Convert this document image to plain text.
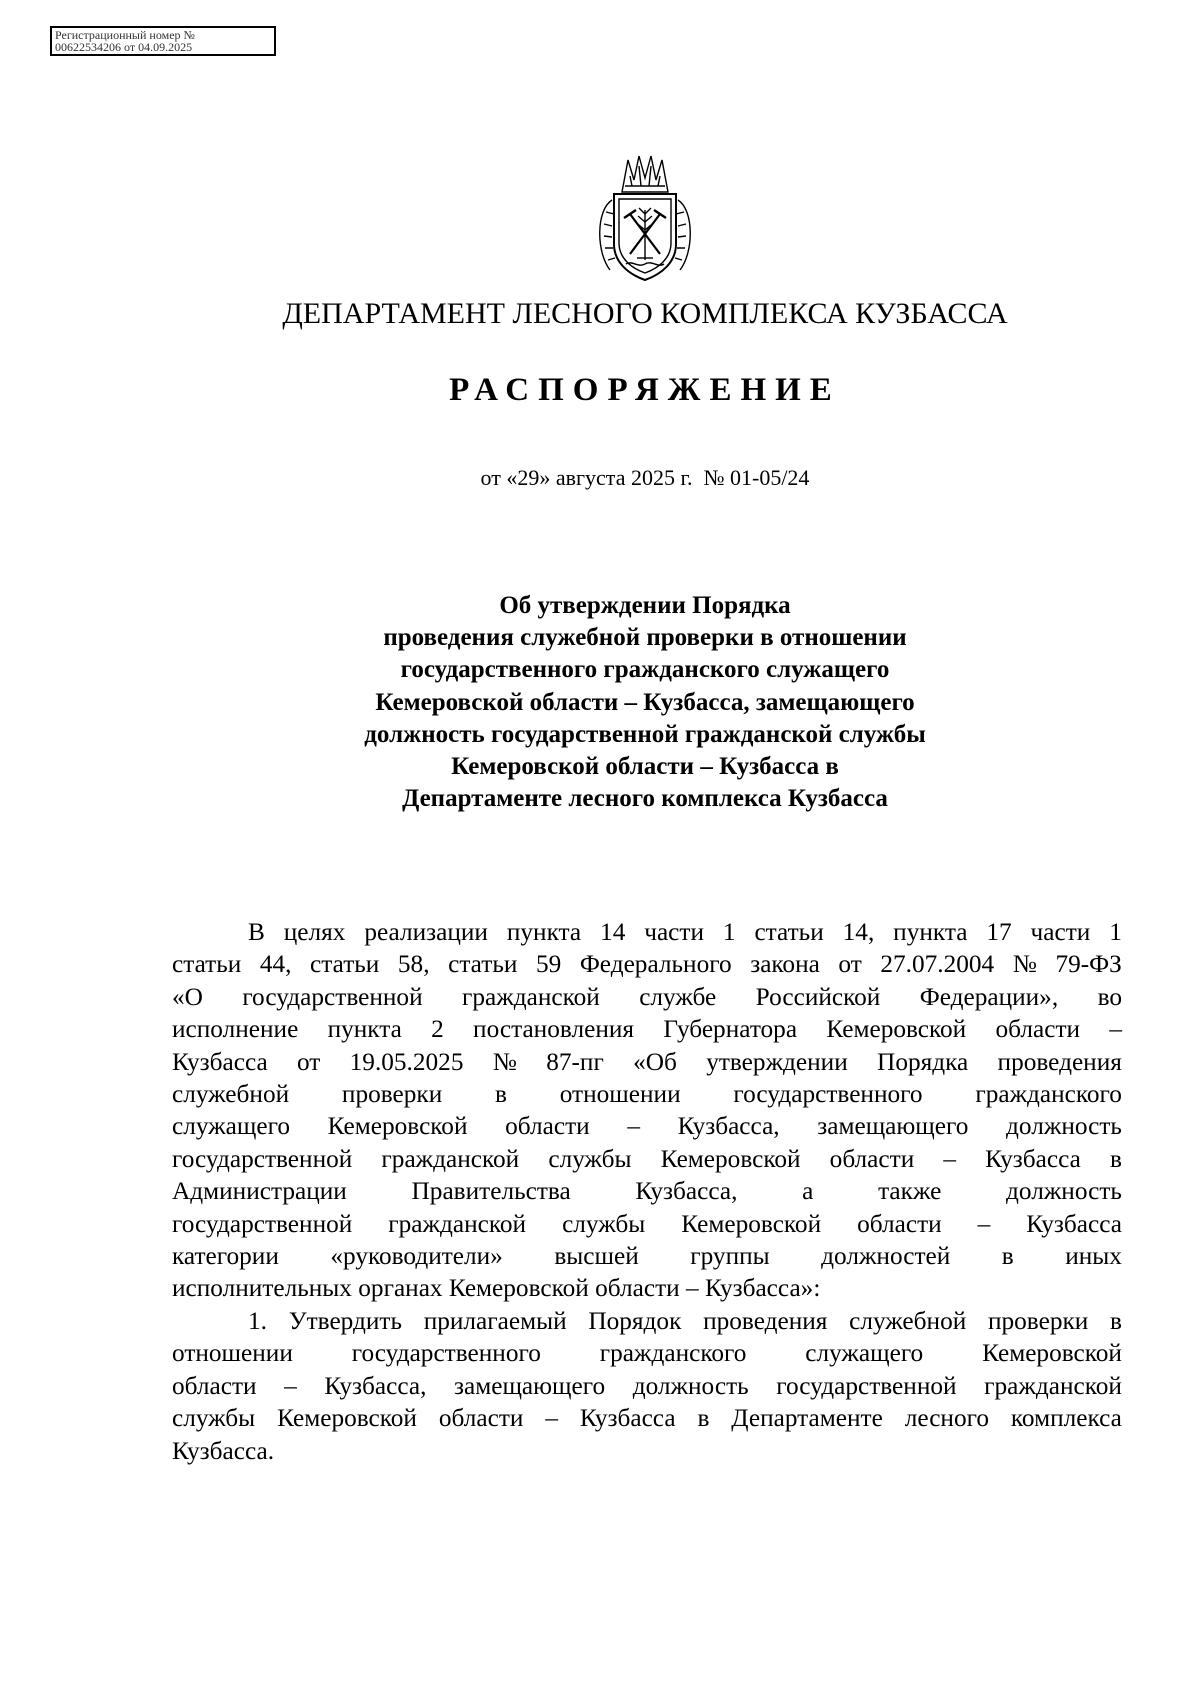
Регистрационный номер №
00622534206 от 04.09.2025
ДЕПАРТАМЕНТ ЛЕСНОГО КОМПЛЕКСА КУЗБАССА
РАСПОРЯЖЕНИЕ
от «29» августа 2025 г.  № 01-05/24
Об утверждении Порядка
проведения служебной проверки в отношении
государственного гражданского служащего
Кемеровской области – Кузбасса, замещающего
должность государственной гражданской службы
Кемеровской области – Кузбасса в
Департаменте лесного комплекса Кузбасса
В целях реализации пункта 14 части 1 статьи 14, пункта 17 части 1
статьи 44, статьи 58, статьи 59 Федерального закона от 27.07.2004 № 79-ФЗ
«О государственной гражданской службе Российской Федерации», во
исполнение пункта 2 постановления Губернатора Кемеровской области –
Кузбасса от 19.05.2025 № 87-пг «Об утверждении Порядка проведения
служебной проверки в отношении государственного гражданского
служащего Кемеровской области – Кузбасса, замещающего должность
государственной гражданской службы Кемеровской области – Кузбасса в
Администрации	Правительства	Кузбасса,	а	также	должность
государственной гражданской службы Кемеровской области – Кузбасса
категории «руководители» высшей группы должностей в иных
исполнительных органах Кемеровской области – Кузбасса»:
1. Утвердить прилагаемый Порядок проведения служебной проверки в
отношении государственного гражданского служащего Кемеровской
области – Кузбасса, замещающего должность государственной гражданской
службы Кемеровской области – Кузбасса в Департаменте лесного комплекса
Кузбасса.
